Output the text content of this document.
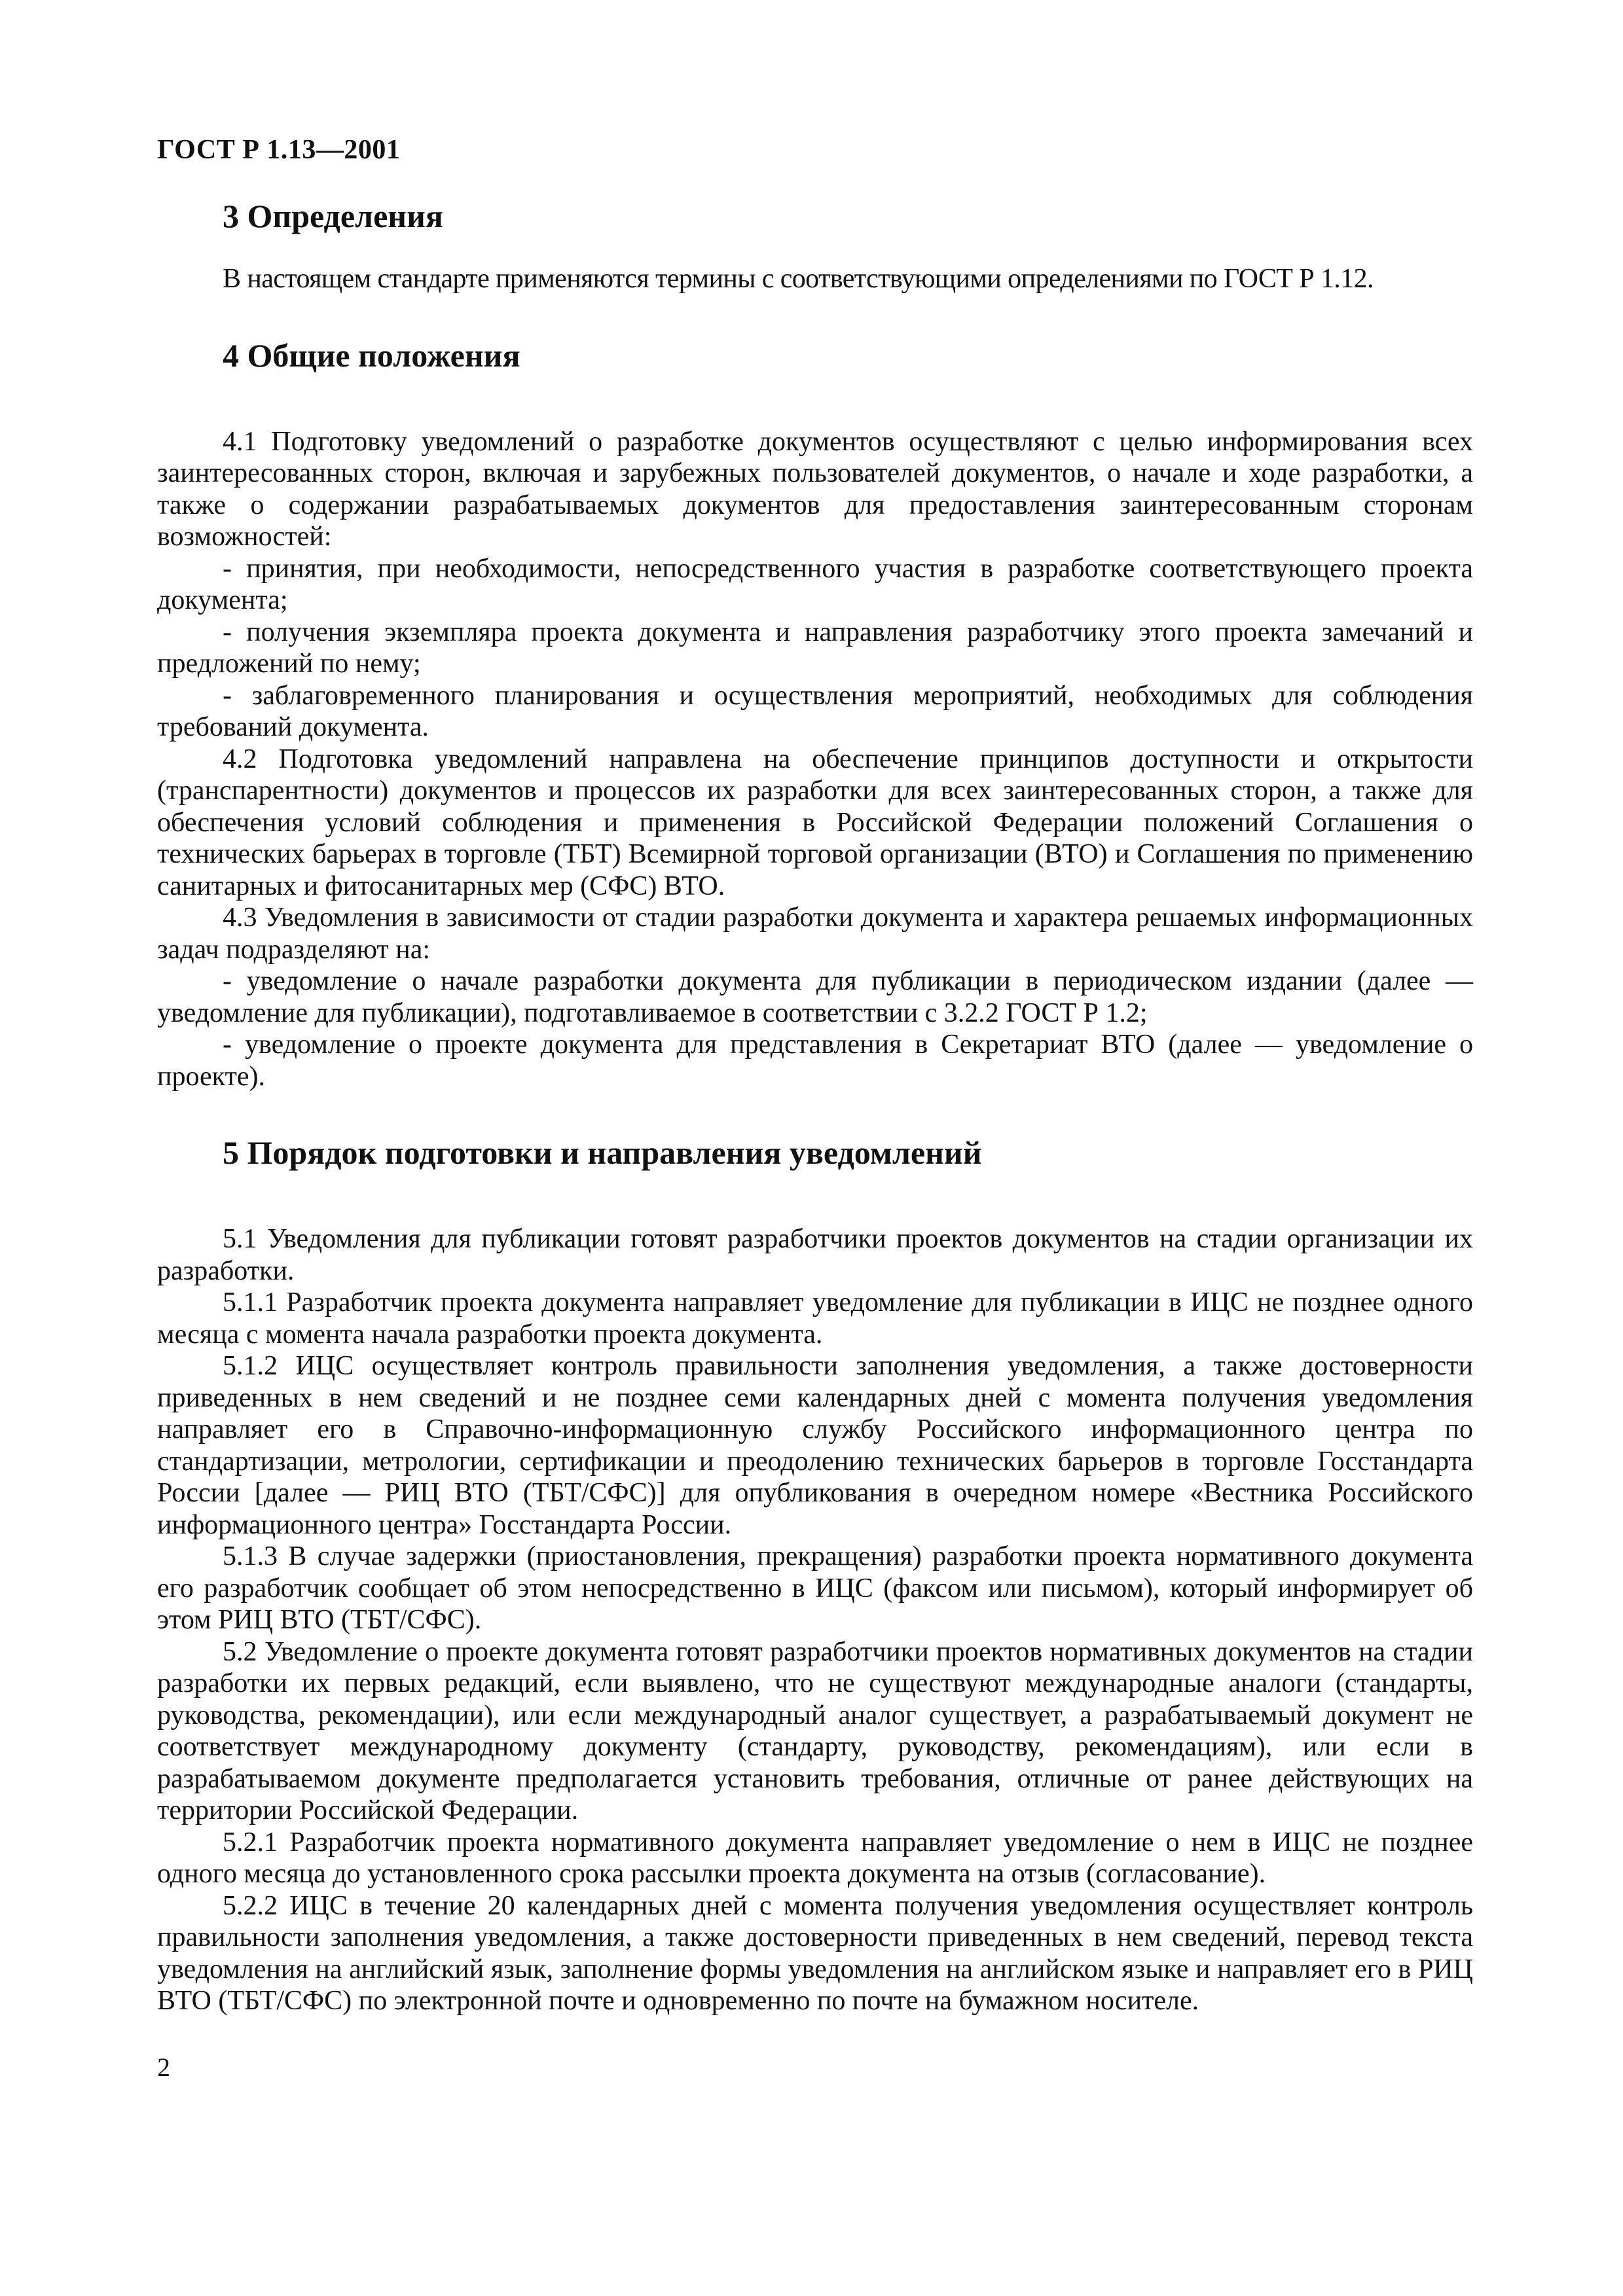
ГОСТ Р 1.13—2001
3 Определения

В настоящем стандарте применяются термины с соответствующими определениями по ГОСТ Р 1.12.

4 Общие положения

4.1 Подготовку уведомлений о разработке документов осуществляют с целью информирования всех заинтересованных сторон, включая и зарубежных пользователей документов, о начале и ходе разработки, а также о содержании разрабатываемых документов для предоставления заинтересованным сторонам возможностей:

- принятия, при необходимости, непосредственного участия в разработке соответствующего проекта документа;

- получения экземпляра проекта документа и направления разработчику этого проекта замечаний и предложений по нему;

- заблаговременного планирования и осуществления мероприятий, необходимых для соблюдения требований документа.

4.2 Подготовка уведомлений направлена на обеспечение принципов доступности и открытости (транспарентности) документов и процессов их разработки для всех заинтересованных сторон, а также для обеспечения условий соблюдения и применения в Российской Федерации положений Соглашения о технических барьерах в торговле (ТБТ) Всемирной торговой организации (ВТО) и Соглашения по применению санитарных и фитосанитарных мер (СФС) ВТО.

4.3 Уведомления в зависимости от стадии разработки документа и характера решаемых информационных задач подразделяют на:

- уведомление о начале разработки документа для публикации в периодическом издании (далее — уведомление для публикации), подготавливаемое в соответствии с 3.2.2 ГОСТ Р 1.2;

- уведомление о проекте документа для представления в Секретариат ВТО (далее — уведомление о проекте).

5 Порядок подготовки и направления уведомлений

5.1 Уведомления для публикации готовят разработчики проектов документов на стадии организации их разработки.

5.1.1 Разработчик проекта документа направляет уведомление для публикации в ИЦС не позднее одного месяца с момента начала разработки проекта документа.

5.1.2 ИЦС осуществляет контроль правильности заполнения уведомления, а также достоверности приведенных в нем сведений и не позднее семи календарных дней с момента получения уведомления направляет его в Справочно-информационную службу Российского информационного центра по стандартизации, метрологии, сертификации и преодолению технических барьеров в торговле Госстандарта России [далее — РИЦ ВТО (ТБТ/СФС)] для опубликования в очередном номере «Вестника Российского информационного центра» Госстандарта России.

5.1.3 В случае задержки (приостановления, прекращения) разработки проекта нормативного документа его разработчик сообщает об этом непосредственно в ИЦС (факсом или письмом), который информирует об этом РИЦ ВТО (ТБТ/СФС).

5.2 Уведомление о проекте документа готовят разработчики проектов нормативных документов на стадии разработки их первых редакций, если выявлено, что не существуют международные аналоги (стандарты, руководства, рекомендации), или если международный аналог существует, а разрабатываемый документ не соответствует международному документу (стандарту, руководству, рекомендациям), или если в разрабатываемом документе предполагается установить требования, отличные от ранее действующих на территории Российской Федерации.

5.2.1 Разработчик проекта нормативного документа направляет уведомление о нем в ИЦС не позднее одного месяца до установленного срока рассылки проекта документа на отзыв (согласование).

5.2.2 ИЦС в течение 20 календарных дней с момента получения уведомления осуществляет контроль правильности заполнения уведомления, а также достоверности приведенных в нем сведений, перевод текста уведомления на английский язык, заполнение формы уведомления на английском языке и направляет его в РИЦ ВТО (ТБТ/СФС) по электронной почте и одновременно по почте на бумажном носителе.

2
